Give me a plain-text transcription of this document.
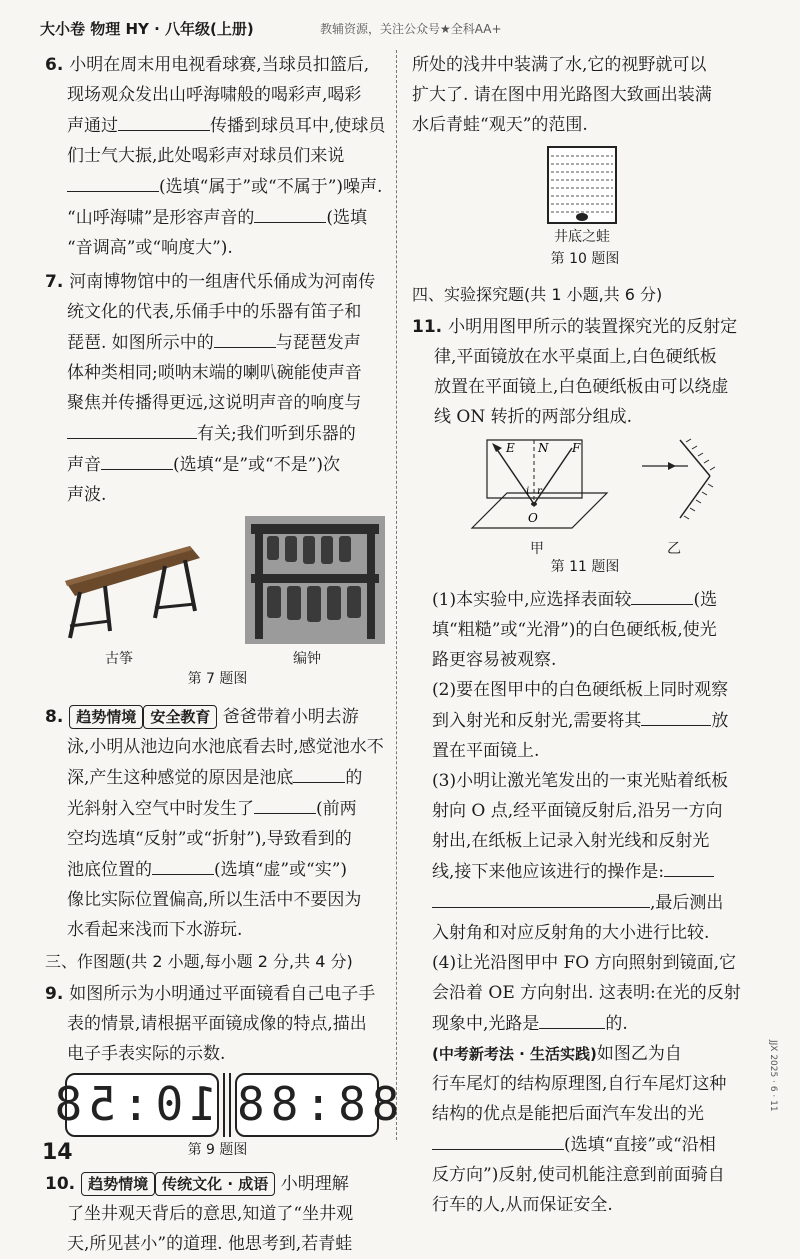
大小卷 物理 HY · 八年级(上册)	教辅资源，关注公众号★全科AA+

6. 小明在周末用电视看球赛,当球员扣篮后,

现场观众发出山呼海啸般的喝彩声,喝彩

声通过	传播到球员耳中,使球员

们士气大振,此处喝彩声对球员们来说

(选填“属于”或“不属于”)噪声.

“山呼海啸”是形容声音的	(选填

“音调高”或“响度大”).

7. 河南博物馆中的一组唐代乐俑成为河南传

统文化的代表,乐俑手中的乐器有笛子和

琵琶. 如图所示中的	与琵琶发声

体种类相同;唢呐末端的喇叭碗能使声音

聚焦并传播得更远,这说明声音的响度与

有关;我们听到乐器的

声音	(选填“是”或“不是”)次

声波.

古筝	编钟
第 7 题图

8. 趋势情境 安全教育 爸爸带着小明去游

泳,小明从池边向水池底看去时,感觉池水不

深,产生这种感觉的原因是池底	的

光斜射入空气中时发生了	(前两

空均选填“反射”或“折射”),导致看到的

池底位置的	(选填“虚”或“实”)

像比实际位置偏高,所以生活中不要因为

水看起来浅而下水游玩.

三、作图题(共 2 小题,每小题 2 分,共 4 分)

9. 如图所示为小明通过平面镜看自己电子手

表的情景,请根据平面镜成像的特点,描出

电子手表实际的示数.

10:58 88:88
第 9 题图

10. 趋势情境 传统文化 · 成语 小明理解

了坐井观天背后的意思,知道了“坐井观

天,所见甚小”的道理. 他思考到,若青蛙

所处的浅井中装满了水,它的视野就可以

扩大了. 请在图中用光路图大致画出装满

水后青蛙“观天”的范围.

井底之蛙
第 10 题图

四、实验探究题(共 1 小题,共 6 分)

11. 小明用图甲所示的装置探究光的反射定

律,平面镜放在水平桌面上,白色硬纸板

放置在平面镜上,白色硬纸板由可以绕虚

线 ON 转折的两部分组成.

E N F
i r
O
甲	乙
第 11 题图

(1)本实验中,应选择表面较	(选

填“粗糙”或“光滑”)的白色硬纸板,使光

路更容易被观察.

(2)要在图甲中的白色硬纸板上同时观察

到入射光和反射光,需要将其	放

置在平面镜上.

(3)小明让激光笔发出的一束光贴着纸板

射向 O 点,经平面镜反射后,沿另一方向

射出,在纸板上记录入射光线和反射光

线,接下来他应该进行的操作是:

,最后测出

入射角和对应反射角的大小进行比较.

(4)让光沿图甲中 FO 方向照射到镜面,它

会沿着 OE 方向射出. 这表明:在光的反射

现象中,光路是	的.

(中考新考法 · 生活实践)如图乙为自

行车尾灯的结构原理图,自行车尾灯这种

结构的优点是能把后面汽车发出的光

(选填“直接”或“沿相

反方向”)反射,使司机能注意到前面骑自

行车的人,从而保证安全.

14
JJX 2025 · 6 · 11
